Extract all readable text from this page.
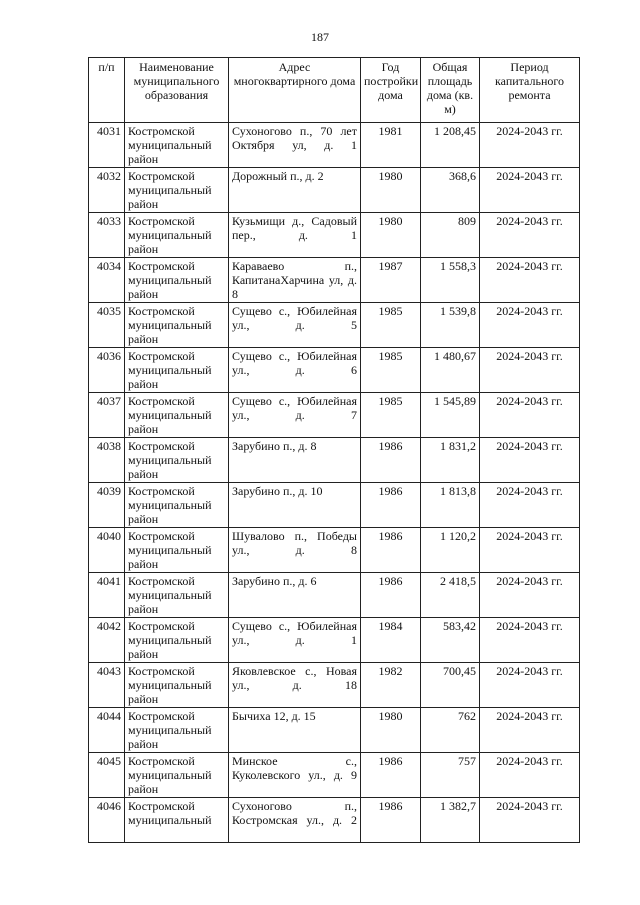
187
п/п	Наименование муниципального образования	Адрес многоквартирного дома	Год постройки дома	Общая площадь дома (кв. м)	Период капитального ремонта
4031	Костромской муниципальный район	Сухоногово п., 70 лет Октября ул, д. 1	1981	1 208,45	2024-2043 гг.
4032	Костромской муниципальный район	Дорожный п., д. 2	1980	368,6	2024-2043 гг.
4033	Костромской муниципальный район	Кузьмищи д., Садовый пер., д. 1	1980	809	2024-2043 гг.
4034	Костромской муниципальный район	Караваево п., КапитанаХарчина ул, д. 8	1987	1 558,3	2024-2043 гг.
4035	Костромской муниципальный район	Сущево с., Юбилейная ул., д. 5	1985	1 539,8	2024-2043 гг.
4036	Костромской муниципальный район	Сущево с., Юбилейная ул., д. 6	1985	1 480,67	2024-2043 гг.
4037	Костромской муниципальный район	Сущево с., Юбилейная ул., д. 7	1985	1 545,89	2024-2043 гг.
4038	Костромской муниципальный район	Зарубино п., д. 8	1986	1 831,2	2024-2043 гг.
4039	Костромской муниципальный район	Зарубино п., д. 10	1986	1 813,8	2024-2043 гг.
4040	Костромской муниципальный район	Шувалово п., Победы ул., д. 8	1986	1 120,2	2024-2043 гг.
4041	Костромской муниципальный район	Зарубино п., д. 6	1986	2 418,5	2024-2043 гг.
4042	Костромской муниципальный район	Сущево с., Юбилейная ул., д. 1	1984	583,42	2024-2043 гг.
4043	Костромской муниципальный район	Яковлевское с., Новая ул., д. 18	1982	700,45	2024-2043 гг.
4044	Костромской муниципальный район	Бычиха 12, д. 15	1980	762	2024-2043 гг.
4045	Костромской муниципальный район	Минское с., Куколевского ул., д. 9	1986	757	2024-2043 гг.
4046	Костромской муниципальный	Сухоногово п., Костромская ул., д. 2	1986	1 382,7	2024-2043 гг.
